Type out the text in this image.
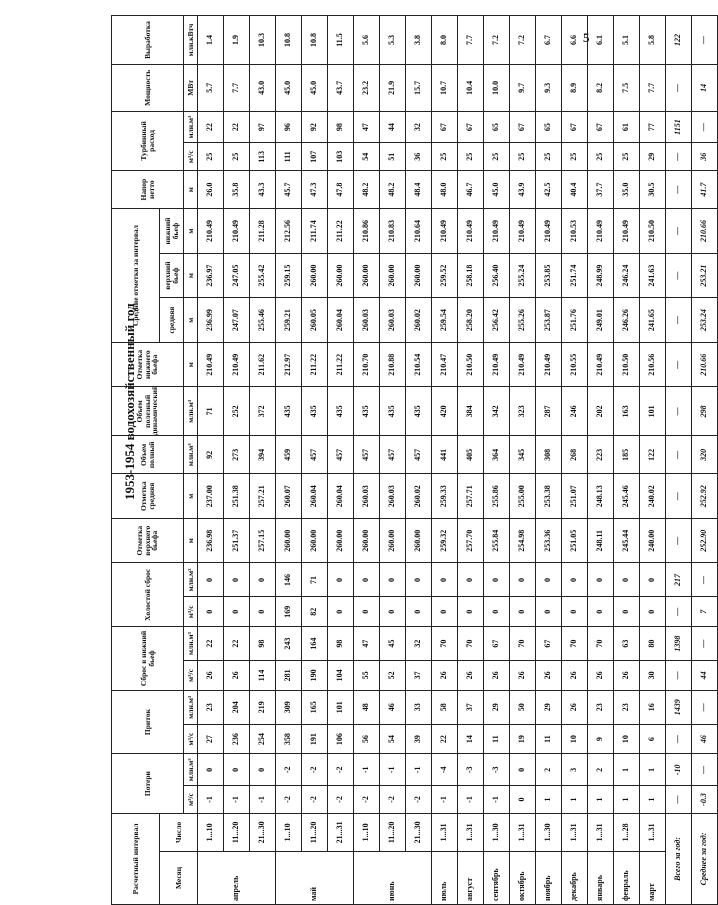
5
1953-1954 водохозяйственный год
Расчетный интервал		Потери		Приток		Сброс в нижний бьеф		Холостой сброс		Отметка верхнего бьефа	Отметка средняя	Объем полный	Объем полезный динамический	Отметка нижнего бьефа	Средние отметки за интервал			Напор нетто	Турбинный расход		Мощность	Выработка
Месяц	Число														средняя	верхний бьеф	нижний бьеф					
		м³/с	млн.м³	м³/с	млн.м³	м³/с	млн.м³	м³/с	млн.м³	м	м	млн.м³	млн.м³	м	м	м	м	м	м³/с	млн.м³	МВт	млн.кВтч
апрель	1...10	-1	0	27	23	26	22	0	0	236.98	237.00	92	71	210.49	236.99	236.97	210.49	26.0	25	22	5.7	1.4
	11...20	-1	0	236	204	26	22	0	0	251.37	251.38	273	252	210.49	247.07	247.05	210.49	35.8	25	22	7.7	1.9
	21...30	-1	0	254	219	114	98	0	0	257.15	257.21	394	372	211.62	255.46	255.42	211.28	43.3	113	97	43.0	10.3
май	1...10	-2	-2	358	309	281	243	169	146	260.00	260.07	459	435	212.97	259.21	259.15	212.56	45.7	111	96	45.0	10.8
	11...20	-2	-2	191	165	190	164	82	71	260.00	260.04	457	435	211.22	260.05	260.00	211.74	47.3	107	92	45.0	10.8
	21...31	-2	-2	106	101	104	98	0	0	260.00	260.04	457	435	211.22	260.04	260.00	211.22	47.8	103	98	43.7	11.5
июнь	1...10	-2	-1	56	48	55	47	0	0	260.00	260.03	457	435	210.70	260.03	260.00	210.86	48.2	54	47	23.2	5.6
	11...20	-2	-1	54	46	52	45	0	0	260.00	260.03	457	435	210.88	260.03	260.00	210.83	48.2	51	44	21.9	5.3
	21...30	-2	-1	39	33	37	32	0	0	260.00	260.02	457	435	210.54	260.02	260.00	210.64	48.4	36	32	15.7	3.8
июль	1...31	-1	-4	22	58	26	70	0	0	259.32	259.33	441	420	210.47	259.54	259.52	210.49	48.0	25	67	10.7	8.0
август	1...31	-1	-3	14	37	26	70	0	0	257.70	257.71	405	384	210.50	258.20	258.18	210.49	46.7	25	67	10.4	7.7
сентябрь	1...30	-1	-3	11	29	26	67	0	0	255.84	255.86	364	342	210.49	256.42	256.40	210.49	45.0	25	65	10.0	7.2
октябрь	1...31	0	0	19	50	26	70	0	0	254.98	255.00	345	323	210.49	255.26	255.24	210.49	43.9	25	67	9.7	7.2
ноябрь	1...30	1	2	11	29	26	67	0	0	253.36	253.38	308	287	210.49	253.87	253.85	210.49	42.5	25	65	9.3	6.7
декабрь	1...31	1	3	10	26	26	70	0	0	251.05	251.07	268	246	210.55	251.76	251.74	210.53	40.4	25	67	8.9	6.6
январь	1...31	1	2	9	23	26	70	0	0	248.11	248.13	223	202	210.49	249.01	248.99	210.49	37.7	25	67	8.2	6.1
февраль	1...28	1	1	10	23	26	63	0	0	245.44	245.46	185	163	210.50	246.26	246.24	210.49	35.0	25	61	7.5	5.1
март	1...31	1	1	6	16	30	80	0	0	240.00	240.02	122	101	210.56	241.65	241.63	210.50	30.5	29	77	7.7	5.8
Всего за год:		—	-10	—	1439	—	1398	—	217	—	—	—	—	—	—	—	—	—	—	1151	—	122
Среднее за год:		-0.3	—	46	—	44	—	7	—	252.90	252.92	320	298	210.66	253.24	253.21	210.66	41.7	36	—	14	—
